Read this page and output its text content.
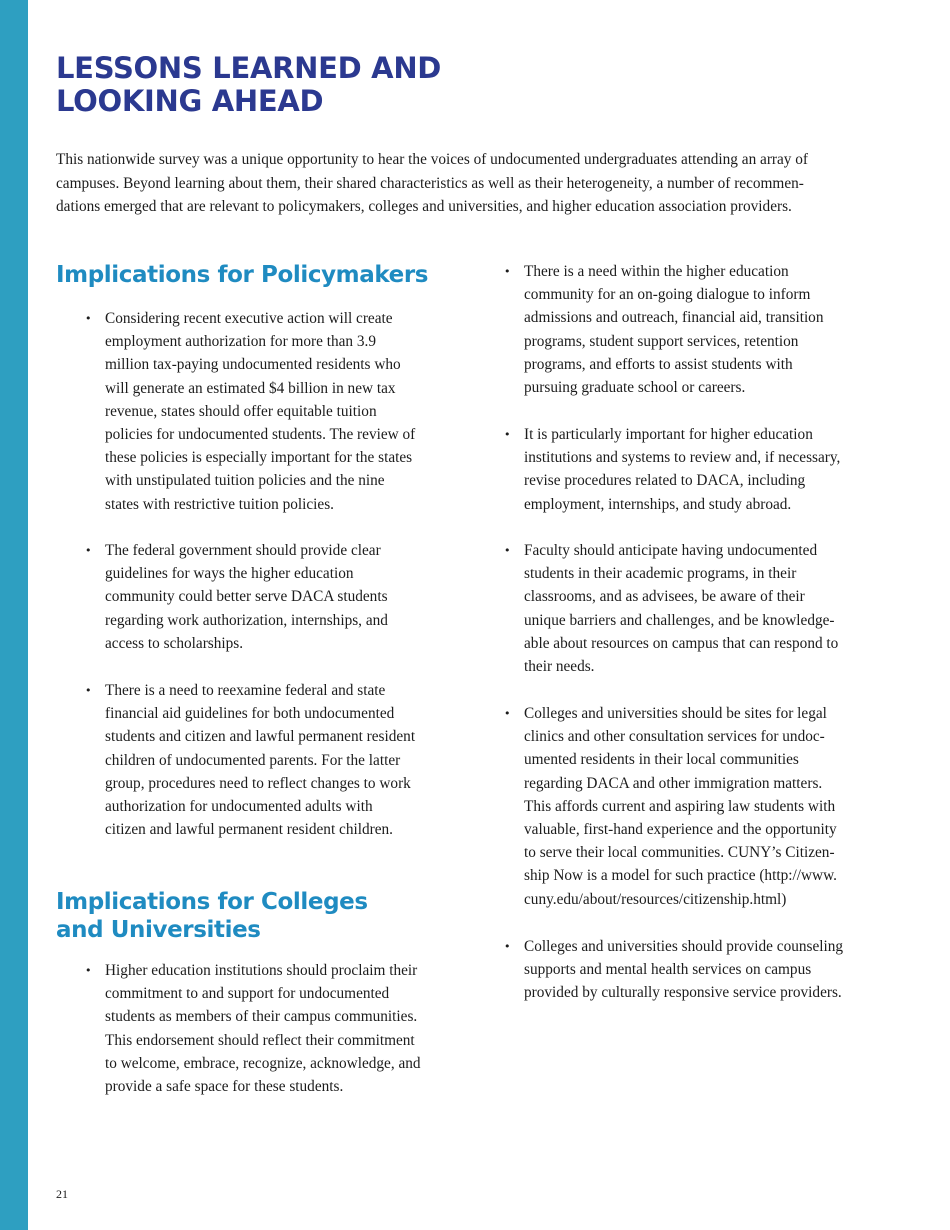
LESSONS LEARNED AND
LOOKING AHEAD

This nationwide survey was a unique opportunity to hear the voices of undocumented undergraduates attending an array of
campuses. Beyond learning about them, their shared characteristics as well as their heterogeneity, a number of recommen-
dations emerged that are relevant to policymakers, colleges and universities, and higher education association providers.

Implications for Policymakers
• Considering recent executive action will create
employment authorization for more than 3.9
million tax-paying undocumented residents who
will generate an estimated $4 billion in new tax
revenue, states should offer equitable tuition
policies for undocumented students. The review of
these policies is especially important for the states
with unstipulated tuition policies and the nine
states with restrictive tuition policies.
• The federal government should provide clear
guidelines for ways the higher education
community could better serve DACA students
regarding work authorization, internships, and
access to scholarships.
• There is a need to reexamine federal and state
financial aid guidelines for both undocumented
students and citizen and lawful permanent resident
children of undocumented parents. For the latter
group, procedures need to reflect changes to work
authorization for undocumented adults with
citizen and lawful permanent resident children.
Implications for Colleges
and Universities
• Higher education institutions should proclaim their
commitment to and support for undocumented
students as members of their campus communities.
This endorsement should reflect their commitment
to welcome, embrace, recognize, acknowledge, and
provide a safe space for these students.
• There is a need within the higher education
community for an on-going dialogue to inform
admissions and outreach, financial aid, transition
programs, student support services, retention
programs, and efforts to assist students with
pursuing graduate school or careers.
• It is particularly important for higher education
institutions and systems to review and, if necessary,
revise procedures related to DACA, including
employment, internships, and study abroad.
• Faculty should anticipate having undocumented
students in their academic programs, in their
classrooms, and as advisees, be aware of their
unique barriers and challenges, and be knowledge-
able about resources on campus that can respond to
their needs.
• Colleges and universities should be sites for legal
clinics and other consultation services for undoc-
umented residents in their local communities
regarding DACA and other immigration matters.
This affords current and aspiring law students with
valuable, first-hand experience and the opportunity
to serve their local communities. CUNY’s Citizen-
ship Now is a model for such practice (http://www.
cuny.edu/about/resources/citizenship.html)
• Colleges and universities should provide counseling
supports and mental health services on campus
provided by culturally responsive service providers.

21
